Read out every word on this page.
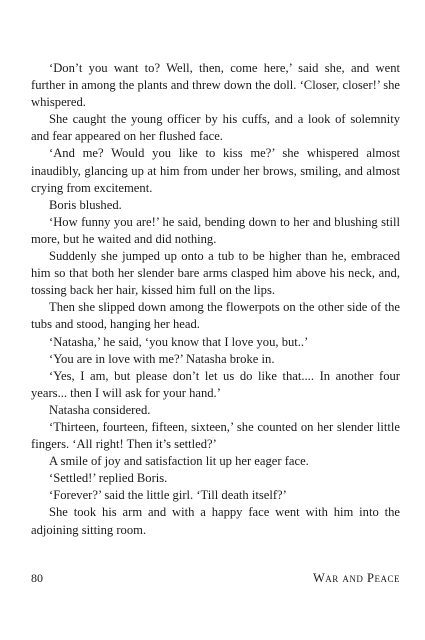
‘Don’t you want to? Well, then, come here,’ said she, and went further in among the plants and threw down the doll. ‘Closer, closer!’ she whispered.

She caught the young officer by his cuffs, and a look of solemnity and fear appeared on her flushed face.

‘And me? Would you like to kiss me?’ she whispered almost inaudibly, glancing up at him from under her brows, smiling, and almost crying from excitement.

Boris blushed.

‘How funny you are!’ he said, bending down to her and blushing still more, but he waited and did nothing.

Suddenly she jumped up onto a tub to be higher than he, embraced him so that both her slender bare arms clasped him above his neck, and, tossing back her hair, kissed him full on the lips.

Then she slipped down among the flowerpots on the other side of the tubs and stood, hanging her head.

‘Natasha,’ he said, ‘you know that I love you, but..’

‘You are in love with me?’ Natasha broke in.

‘Yes, I am, but please don’t let us do like that.... In another four years... then I will ask for your hand.’

Natasha considered.

‘Thirteen, fourteen, fifteen, sixteen,’ she counted on her slender little fingers. ‘All right! Then it’s settled?’

A smile of joy and satisfaction lit up her eager face.

‘Settled!’ replied Boris.

‘Forever?’ said the little girl. ‘Till death itself?’

She took his arm and with a happy face went with him into the adjoining sitting room.

80	War and Peace
